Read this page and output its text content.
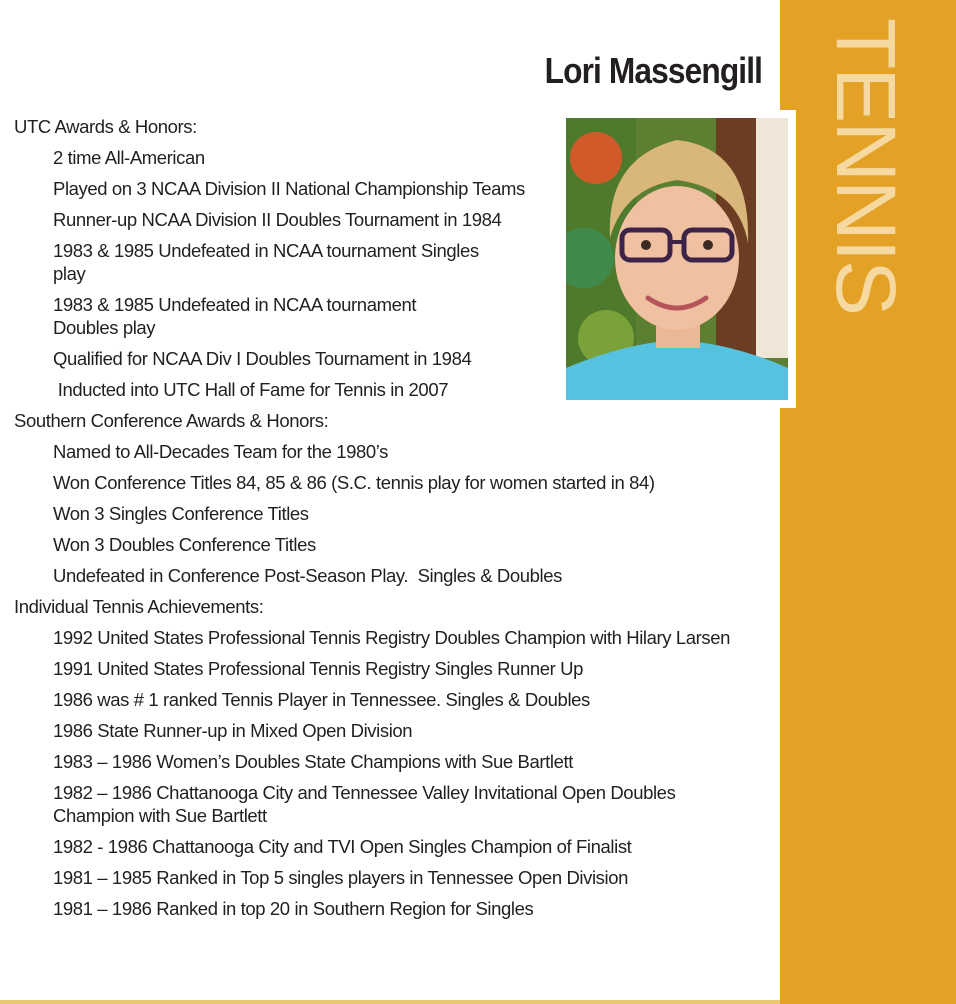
TENNIS
Lori Massengill
UTC Awards & Honors:
2 time All-American
Played on 3 NCAA Division II National Championship Teams
Runner-up NCAA Division II Doubles Tournament in 1984
1983 & 1985 Undefeated in NCAA tournament Singles play
1983 & 1985 Undefeated in NCAA tournament Doubles play
Qualified for NCAA Div I Doubles Tournament in 1984
Inducted into UTC Hall of Fame for Tennis in 2007
Southern Conference Awards & Honors:
Named to All-Decades Team for the 1980’s
Won Conference Titles 84, 85 & 86 (S.C. tennis play for women started in 84)
Won 3 Singles Conference Titles
Won 3 Doubles Conference Titles
Undefeated in Conference Post-Season Play.  Singles & Doubles
Individual Tennis Achievements:
1992 United States Professional Tennis Registry Doubles Champion with Hilary Larsen
1991 United States Professional Tennis Registry Singles Runner Up
1986 was # 1 ranked Tennis Player in Tennessee. Singles & Doubles
1986 State Runner-up in Mixed Open Division
1983 – 1986 Women’s Doubles State Champions with Sue Bartlett
1982 – 1986 Chattanooga City and Tennessee Valley Invitational Open Doubles Champion with Sue Bartlett
1982 - 1986 Chattanooga City and TVI Open Singles Champion of Finalist
1981 – 1985 Ranked in Top 5 singles players in Tennessee Open Division
1981 – 1986 Ranked in top 20 in Southern Region for Singles
